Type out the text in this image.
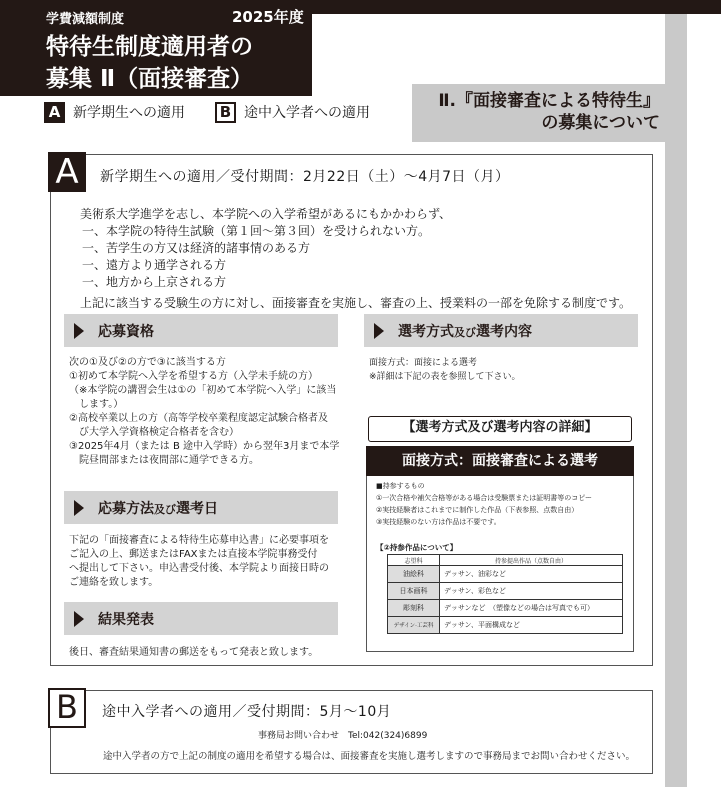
学費減額制度	2025年度
特待生制度適用者の
募集 Ⅱ（面接審査）
Ⅱ.『面接審査による特待生』
の募集について
A 新学期生への適用	B 途中入学者への適用
A	新学期生への適用／受付期間：2月22日（土）〜4月7日（月）
美術系大学進学を志し、本学院への入学希望があるにもかかわらず、
一、本学院の特待生試験（第１回〜第３回）を受けられない方。
一、苦学生の方又は経済的諸事情のある方
一、遠方より通学される方
一、地方から上京される方
上記に該当する受験生の方に対し、面接審査を実施し、審査の上、授業料の一部を免除する制度です。
応募資格
次の①及び②の方で③に該当する方
①初めて本学院へ入学を希望する方（入学未手続の方）
（※本学院の講習会生は①の「初めて本学院へ入学」に該当
　します。）
②高校卒業以上の方（高等学校卒業程度認定試験合格者及
　び大学入学資格検定合格者を含む）
③2025年4月（または B 途中入学時）から翌年3月まで本学
　院昼間部または夜間部に通学できる方。
応募方法及び選考日
下記の「面接審査による特待生応募申込書」に必要事項を
ご記入の上、郵送またはFAXまたは直接本学院事務受付
へ提出して下さい。申込書受付後、本学院より面接日時の
ご連絡を致します。
結果発表
後日、審査結果通知書の郵送をもって発表と致します。
選考方式及び選考内容
面接方式：面接による選考
※詳細は下記の表を参照して下さい。
【選考方式及び選考内容の詳細】
面接方式：面接審査による選考
■持参するもの
①一次合格や補欠合格等がある場合は受験票または証明書等のコピー
②実技経験者はこれまでに制作した作品（下表参照、点数自由）
③実技経験のない方は作品は不要です。
【②持参作品について】
志望科	持参提出作品（点数自由）
油絵科	デッサン、油彩など
日本画科	デッサン、彩色など
彫刻科	デッサンなど　（塑像などの場合は写真でも可）
デザイン·工芸科	デッサン、平面構成など
B	途中入学者への適用／受付期間：5月〜10月
事務局お問い合わせ　Tel:042(324)6899
途中入学者の方で上記の制度の適用を希望する場合は、面接審査を実施し選考しますので事務局までお問い合わせください。
